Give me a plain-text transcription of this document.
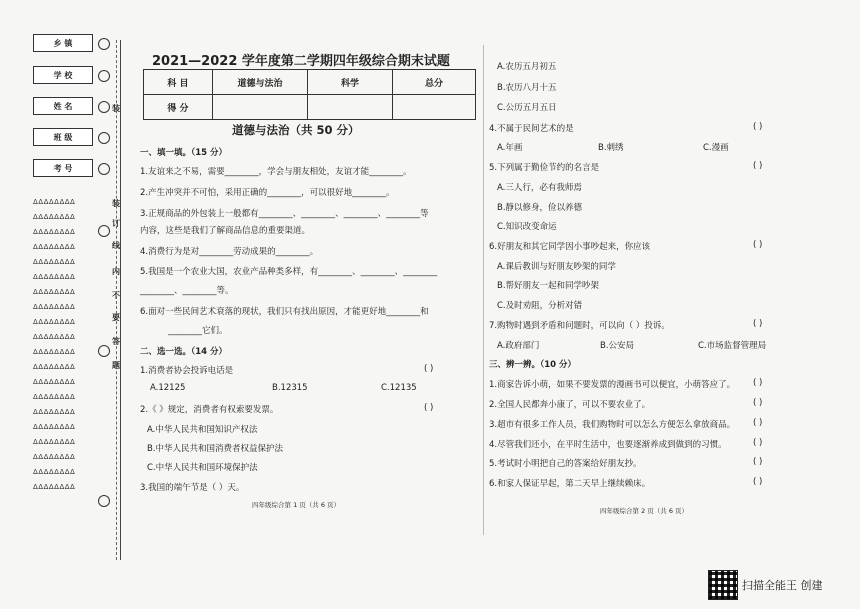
乡 镇
学 校
姓 名
班 级
考 号
ΔΔΔΔΔΔΔΔ
ΔΔΔΔΔΔΔΔ
ΔΔΔΔΔΔΔΔ
ΔΔΔΔΔΔΔΔ
ΔΔΔΔΔΔΔΔ
ΔΔΔΔΔΔΔΔ
ΔΔΔΔΔΔΔΔ
ΔΔΔΔΔΔΔΔ
ΔΔΔΔΔΔΔΔ
ΔΔΔΔΔΔΔΔ
ΔΔΔΔΔΔΔΔ
ΔΔΔΔΔΔΔΔ
ΔΔΔΔΔΔΔΔ
ΔΔΔΔΔΔΔΔ
ΔΔΔΔΔΔΔΔ
ΔΔΔΔΔΔΔΔ
ΔΔΔΔΔΔΔΔ
ΔΔΔΔΔΔΔΔ
ΔΔΔΔΔΔΔΔ
ΔΔΔΔΔΔΔΔ
装
装
订
线
内
不
要
答
题
2021—2022 学年度第二学期四年级综合期末试题
科 目	道德与法治	科学	总分
得 分			
道德与法治（共 50 分）
一、填一填。（15 分）
1.友谊来之不易，需要________，学会与朋友相处，友谊才能________。
2.产生冲突并不可怕，采用正确的________，可以很好地________。
3.正规商品的外包装上一般都有________、________、________、________等
内容，这些是我们了解商品信息的重要渠道。
4.消费行为是对________劳动成果的________。
5.我国是一个农业大国，农业产品种类多样，有________、________、________
________、________等。
6.面对一些民间艺术衰落的现状，我们只有找出原因，才能更好地________和
________它们。
二、选一选。（14 分）
1.消费者协会投诉电话是	( )
A.12125	B.12315	C.12135
2.《 》规定，消费者有权索要发票。	( )
A.中华人民共和国知识产权法
B.中华人民共和国消费者权益保护法
C.中华人民共和国环境保护法
3.我国的端午节是（ ）天。
四年级综合第 1 页（共 6 页）
A.农历五月初五
B.农历八月十五
C.公历五月五日
4.不属于民间艺术的是	( )
A.年画	B.刺绣	C.漫画
5.下列属于勤俭节约的名言是	( )
A.三人行，必有我师焉
B.静以修身，俭以养德
C.知识改变命运
6.好朋友和其它同学因小事吵起来，你应该	( )
A.课后教训与好朋友吵架的同学
B.帮好朋友一起和同学吵架
C.及时劝阻，分析对错
7.购物时遇到矛盾和问题时，可以向（ ）投诉。	( )
A.政府部门	B.公安局	C.市场监督管理局
三、辨一辨。（10 分）
1.商家告诉小萌，如果不要发票的漫画书可以便宜，小萌答应了。 ( )
2.全国人民都奔小康了，可以不要农业了。	( )
3.超市有很多工作人员，我们购物时可以怎么方便怎么拿放商品。 ( )
4.尽管我们还小，在平时生活中，也要逐渐养成到做到的习惯。	( )
5.考试时小明把自己的答案给好朋友抄。	( )
6.和家人保证早起，第二天早上继续赖床。	( )
四年级综合第 2 页（共 6 页）
扫描全能王 创建
